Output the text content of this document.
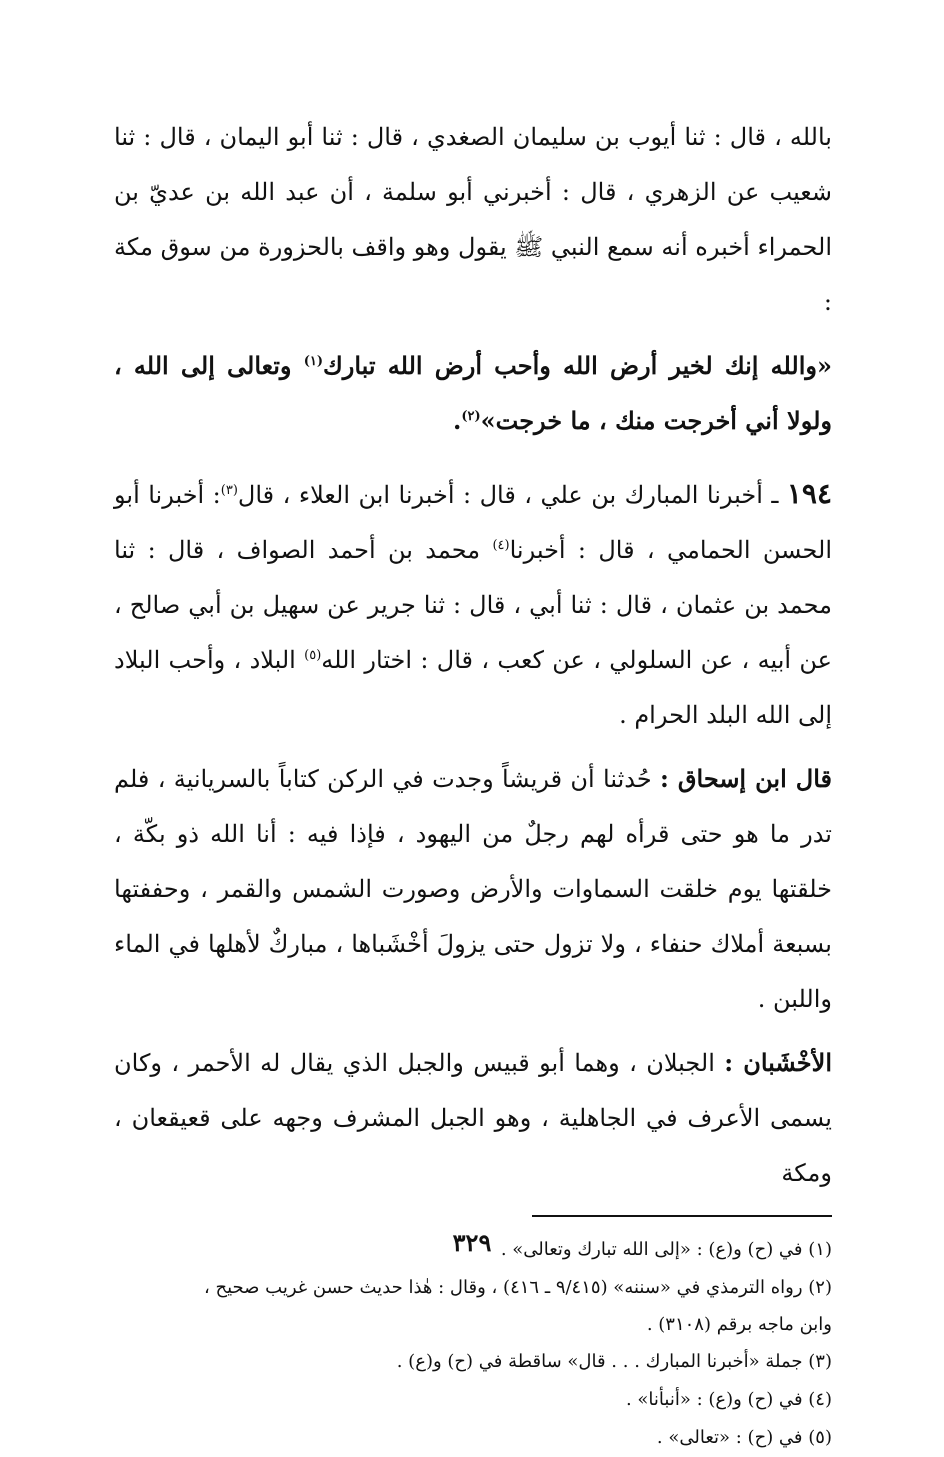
بالله ، قال : ثنا أيوب بن سليمان الصغدي ، قال : ثنا أبو اليمان ، قال : ثنا شعيب عن الزهري ، قال : أخبرني أبو سلمة ، أن عبد الله بن عديّ بن الحمراء أخبره أنه سمع النبي ﷺ يقول وهو واقف بالحزورة من سوق مكة :

«والله إنك لخير أرض الله وأحب أرض الله تبارك$^{(١)}$ وتعالى إلى الله ، ولولا أني أخرجت منك ، ما خرجت»$^{(٢)}$.

١٩٤ ـ أخبرنا المبارك بن علي ، قال : أخبرنا ابن العلاء ، قال$^{(٣)}$: أخبرنا أبو الحسن الحمامي ، قال : أخبرنا$^{(٤)}$ محمد بن أحمد الصواف ، قال : ثنا محمد بن عثمان ، قال : ثنا أبي ، قال : ثنا جرير عن سهيل بن أبي صالح ، عن أبيه ، عن السلولي ، عن كعب ، قال : اختار الله$^{(٥)}$ البلاد ، وأحب البلاد إلى الله البلد الحرام .

قال ابن إسحاق : حُدثنا أن قريشاً وجدت في الركن كتاباً بالسريانية ، فلم تدر ما هو حتى قرأه لهم رجلٌ من اليهود ، فإذا فيه : أنا الله ذو بكّة ، خلقتها يوم خلقت السماوات والأرض وصورت الشمس والقمر ، وحففتها بسبعة أملاك حنفاء ، ولا تزول حتى يزولَ أخْشَباها ، مباركٌ لأهلها في الماء واللبن .

الأخْشَبان : الجبلان ، وهما أبو قبيس والجبل الذي يقال له الأحمر ، وكان يسمى الأعرف في الجاهلية ، وهو الجبل المشرف وجهه على قعيقعان ، ومكة

(١) في (ح) و(ع) : «إلى الله تبارك وتعالى» .
(٢) رواه الترمذي في «سننه» (٩/٤١٥ ـ ٤١٦) ، وقال : هٰذا حديث حسن غريب صحيح ،
وابن ماجه برقم (٣١٠٨) .
(٣) جملة «أخبرنا المبارك . . . قال» ساقطة في (ح) و(ع) .
(٤) في (ح) و(ع) : «أنبأنا» .
(٥) في (ح) : «تعالى» .
٣٢٩
